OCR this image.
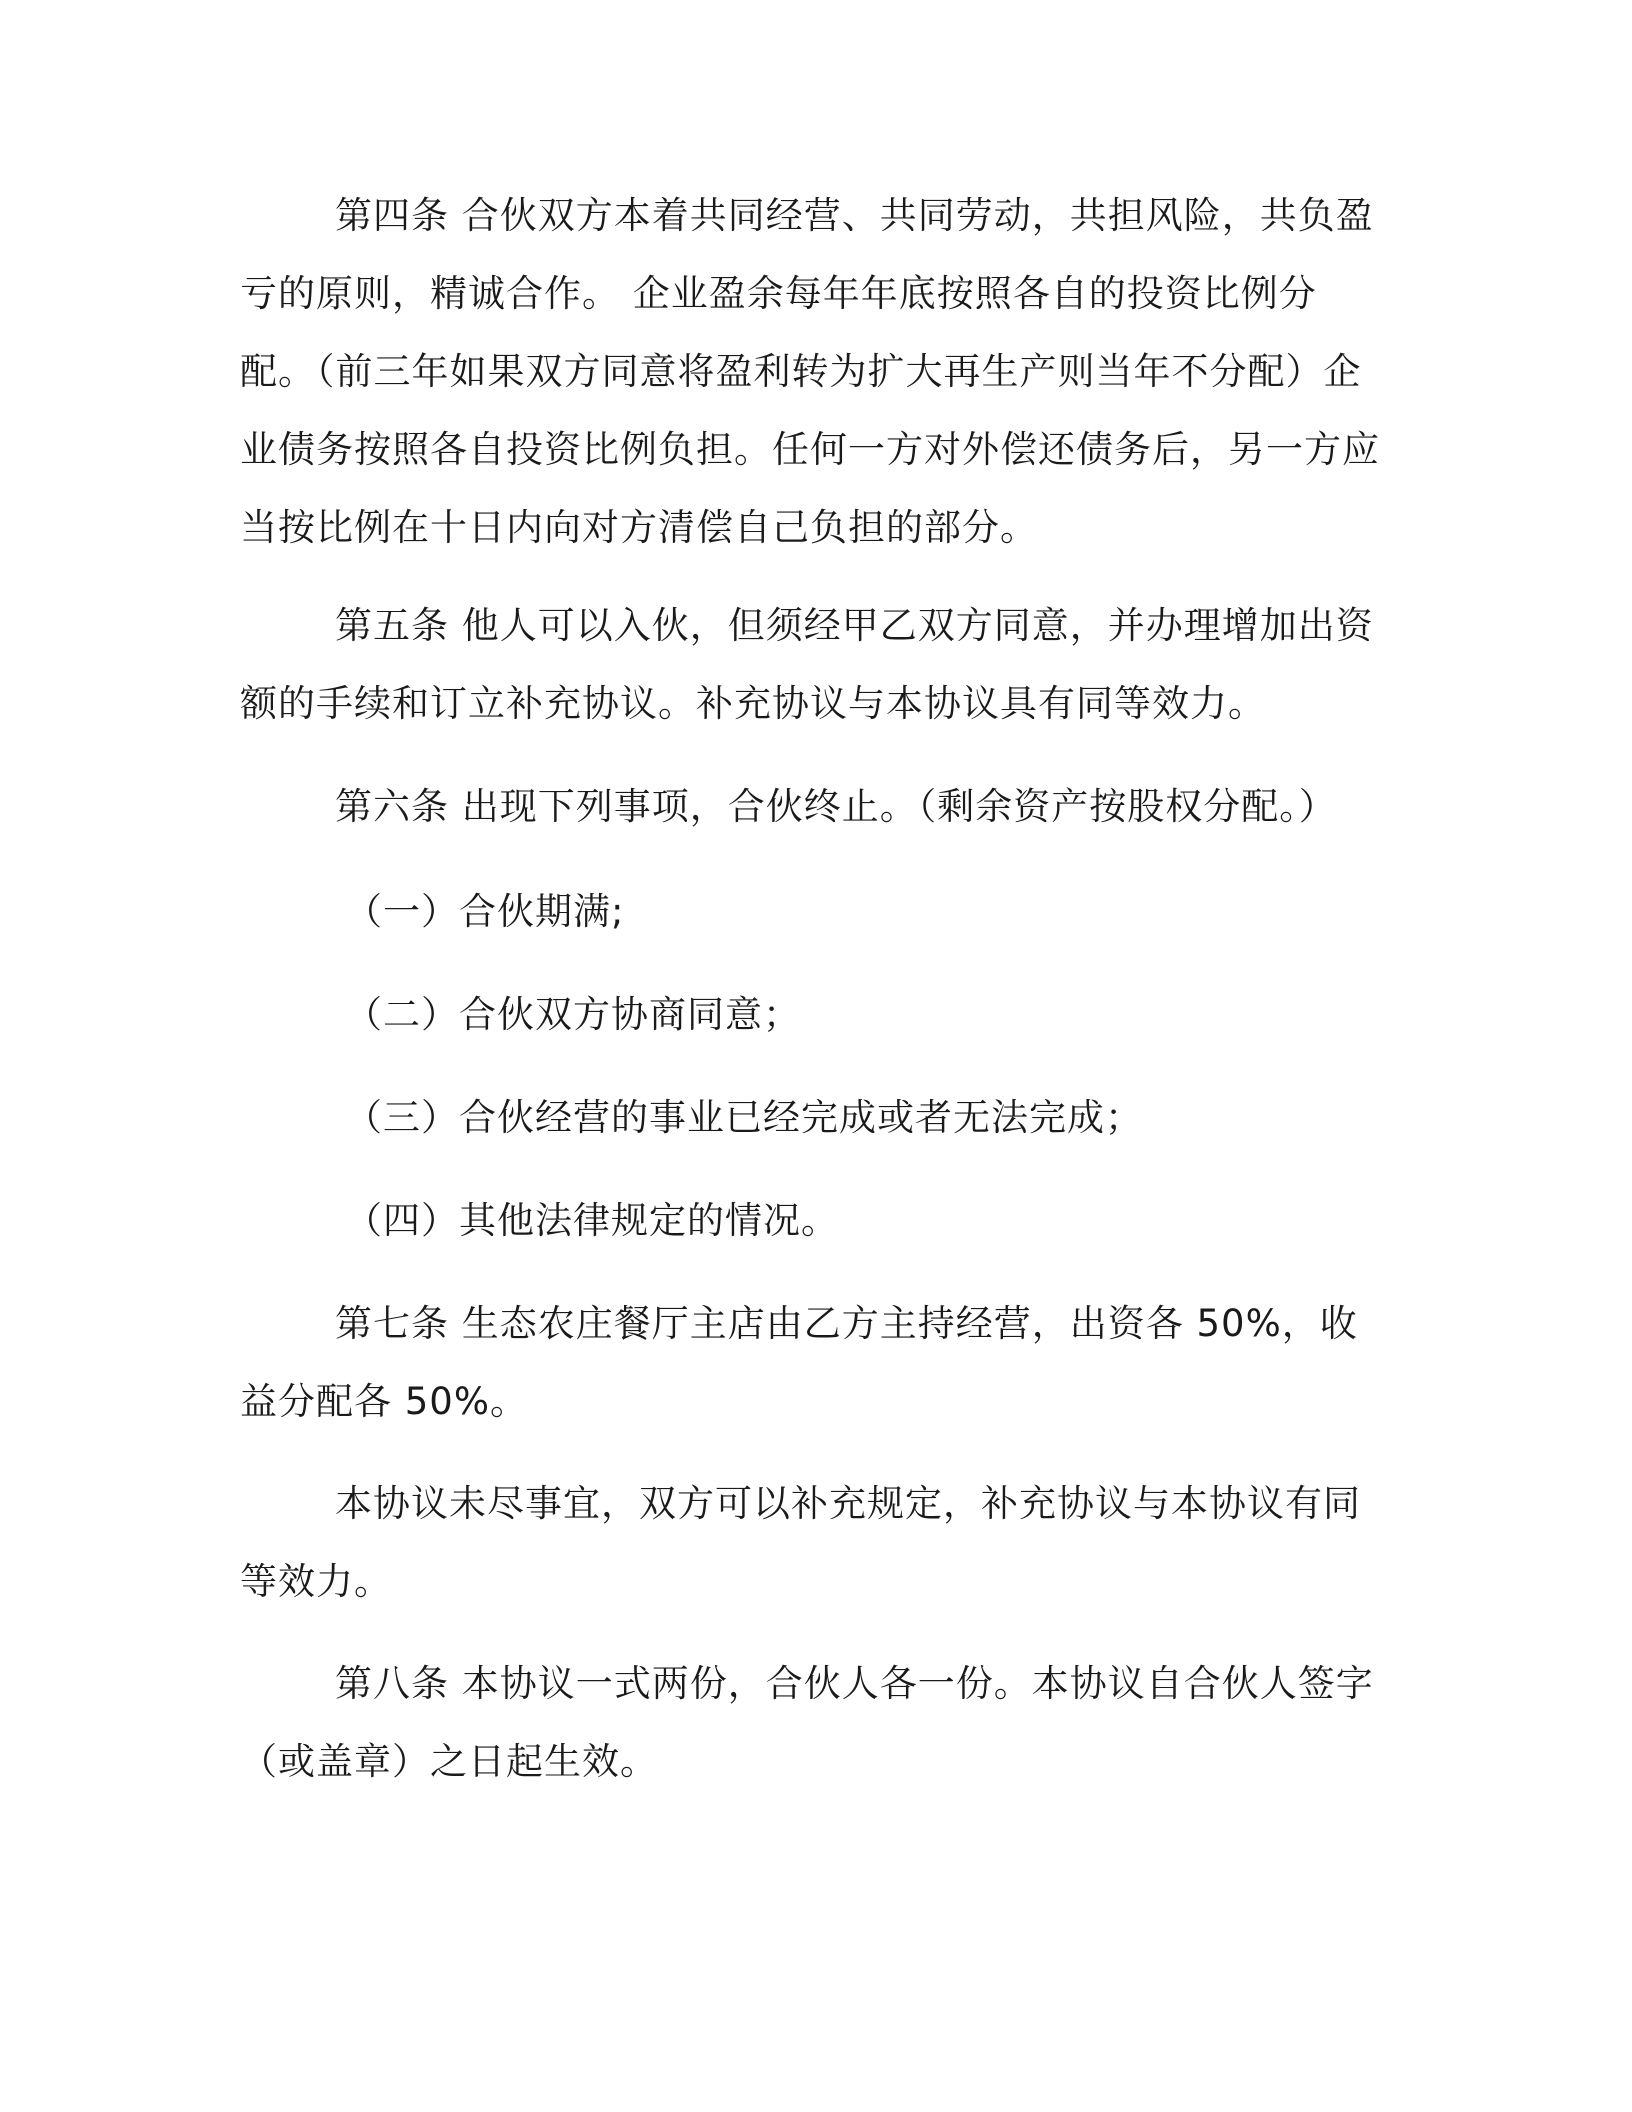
第四条 合伙双方本着共同经营、共同劳动，共担风险，共负盈亏的原则，精诚合作。 企业盈余每年年底按照各自的投资比例分配。（前三年如果双方同意将盈利转为扩大再生产则当年不分配）企业债务按照各自投资比例负担。任何一方对外偿还债务后，另一方应当按比例在十日内向对方清偿自己负担的部分。

第五条 他人可以入伙，但须经甲乙双方同意，并办理增加出资额的手续和订立补充协议。补充协议与本协议具有同等效力。

第六条 出现下列事项，合伙终止。（剩余资产按股权分配。）

（一）合伙期满;

（二）合伙双方协商同意；

（三）合伙经营的事业已经完成或者无法完成；

（四）其他法律规定的情况。

第七条 生态农庄餐厅主店由乙方主持经营，出资各 50%，收益分配各 50%。

本协议未尽事宜，双方可以补充规定，补充协议与本协议有同等效力。

第八条 本协议一式两份，合伙人各一份。本协议自合伙人签字（或盖章）之日起生效。
